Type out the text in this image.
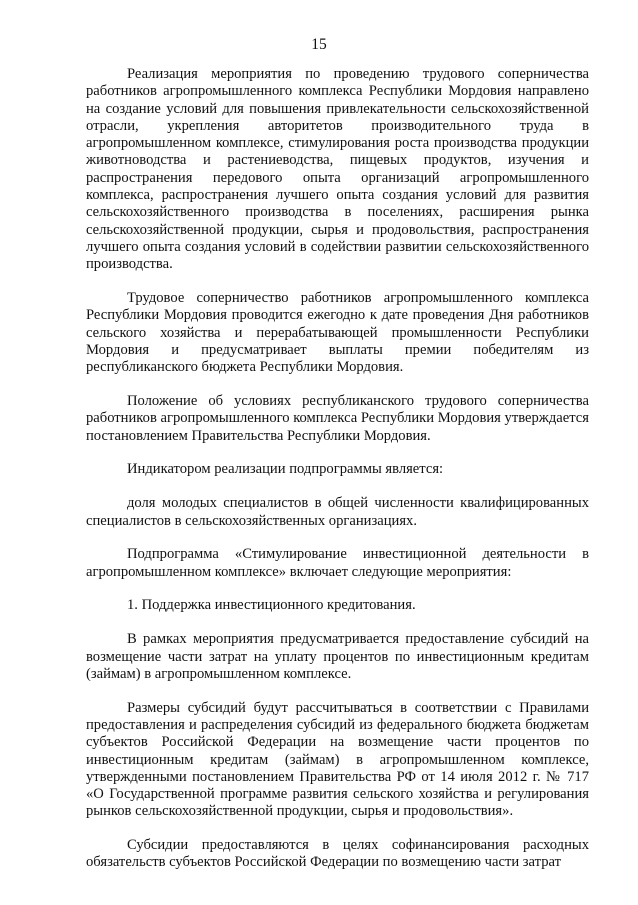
15

Реализация мероприятия по проведению трудового соперничества работников агропромышленного комплекса Республики Мордовия направлено на создание условий для повышения привлекательности сельскохозяйственной отрасли, укрепления авторитетов производительного труда в агропромышленном комплексе, стимулирования роста производства продукции животноводства и растениеводства, пищевых продуктов, изучения и распространения передового опыта организаций агропромышленного комплекса, распространения лучшего опыта создания условий для развития сельскохозяйственного производства в поселениях, расширения рынка сельскохозяйственной продукции, сырья и продовольствия, распространения лучшего опыта создания условий в содействии развитии сельскохозяйственного производства.

Трудовое соперничество работников агропромышленного комплекса Республики Мордовия проводится ежегодно к дате проведения Дня работников сельского хозяйства и перерабатывающей промышленности Республики Мордовия и предусматривает выплаты премии победителям из республиканского бюджета Республики Мордовия.

Положение об условиях республиканского трудового соперничества работников агропромышленного комплекса Республики Мордовия утверждается постановлением Правительства Республики Мордовия.

Индикатором реализации подпрограммы является:

доля молодых специалистов в общей численности квалифицированных специалистов в сельскохозяйственных организациях.

Подпрограмма «Стимулирование инвестиционной деятельности в агропромышленном комплексе» включает следующие мероприятия:

1. Поддержка инвестиционного кредитования.

В рамках мероприятия предусматривается предоставление субсидий на возмещение части затрат на уплату процентов по инвестиционным кредитам (займам) в агропромышленном комплексе.

Размеры субсидий будут рассчитываться в соответствии с Правилами предоставления и распределения субсидий из федерального бюджета бюджетам субъектов Российской Федерации на возмещение части процентов по инвестиционным кредитам (займам) в агропромышленном комплексе, утвержденными постановлением Правительства РФ от 14 июля 2012 г. № 717 «О Государственной программе развития сельского хозяйства и регулирования рынков сельскохозяйственной продукции, сырья и продовольствия».

Субсидии предоставляются в целях софинансирования расходных обязательств субъектов Российской Федерации по возмещению части затрат
